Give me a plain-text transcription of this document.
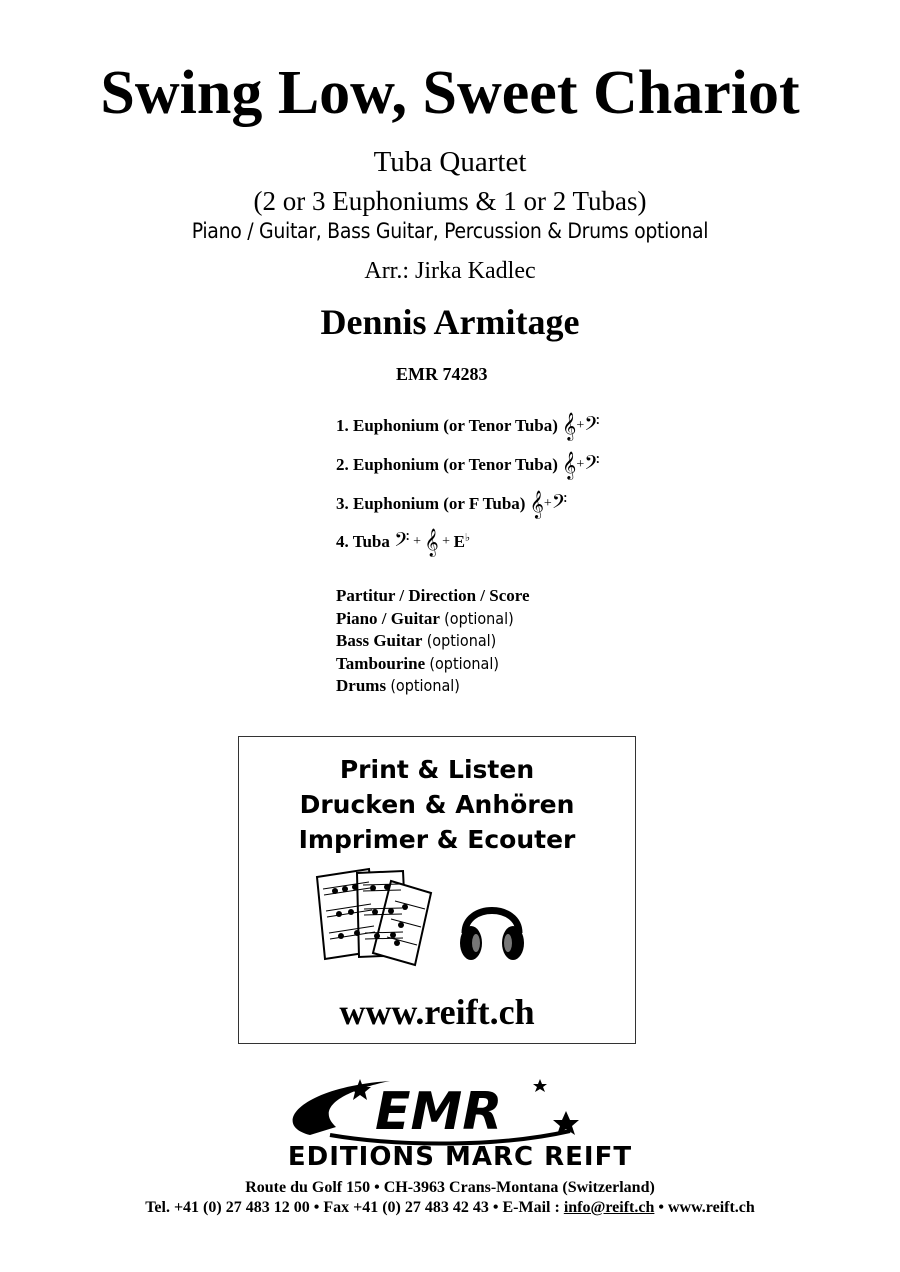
Swing Low, Sweet Chariot
Tuba Quartet
(2 or 3 Euphoniums & 1 or 2 Tubas)
Piano / Guitar, Bass Guitar, Percussion & Drums optional
Arr.: Jirka Kadlec
Dennis Armitage
EMR 74283
1. Euphonium (or Tenor Tuba) 𝄞+𝄢
2. Euphonium (or Tenor Tuba) 𝄞+𝄢
3. Euphonium (or F Tuba) 𝄞+𝄢
4. Tuba 𝄢 + 𝄞 + E♭
Partitur / Direction / Score
Piano / Guitar (optional)
Bass Guitar (optional)
Tambourine (optional)
Drums (optional)
Print & Listen
Drucken & Anhören
Imprimer & Ecouter
www.reift.ch
EMR
EDITIONS MARC REIFT
Route du Golf 150 • CH-3963 Crans-Montana (Switzerland)
Tel. +41 (0) 27 483 12 00 • Fax +41 (0) 27 483 42 43 • E-Mail : info@reift.ch • www.reift.ch
